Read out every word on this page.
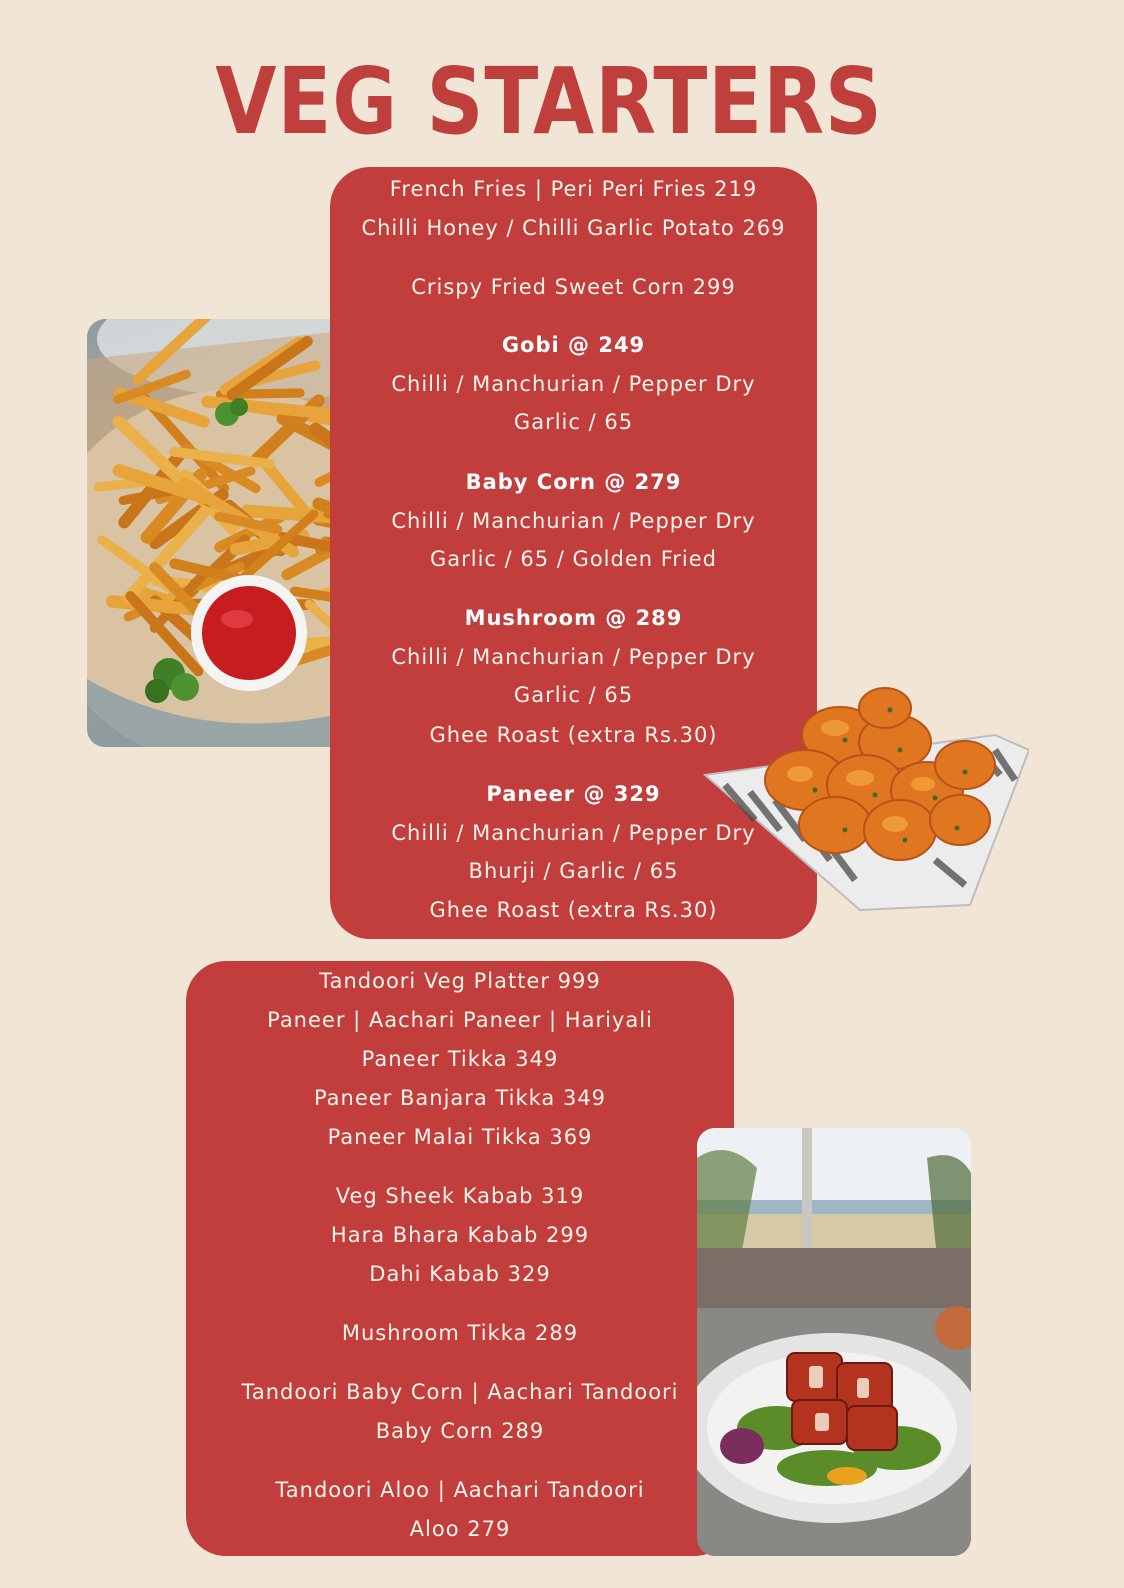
VEG STARTERS
French Fries | Peri Peri Fries 219
Chilli Honey / Chilli Garlic Potato 269
Crispy Fried Sweet Corn 299
Gobi @ 249
Chilli / Manchurian / Pepper Dry
Garlic / 65
Baby Corn @ 279
Chilli / Manchurian / Pepper Dry
Garlic / 65 / Golden Fried
Mushroom @ 289
Chilli / Manchurian / Pepper Dry
Garlic / 65
Ghee Roast (extra Rs.30)
Paneer @ 329
Chilli / Manchurian / Pepper Dry
Bhurji / Garlic / 65
Ghee Roast (extra Rs.30)
Tandoori Veg Platter 999
Paneer | Aachari Paneer | Hariyali
Paneer Tikka 349
Paneer Banjara Tikka 349
Paneer Malai Tikka 369
Veg Sheek Kabab 319
Hara Bhara Kabab 299
Dahi Kabab 329
Mushroom Tikka 289
Tandoori Baby Corn | Aachari Tandoori
Baby Corn 289
Tandoori Aloo | Aachari Tandoori
Aloo 279
